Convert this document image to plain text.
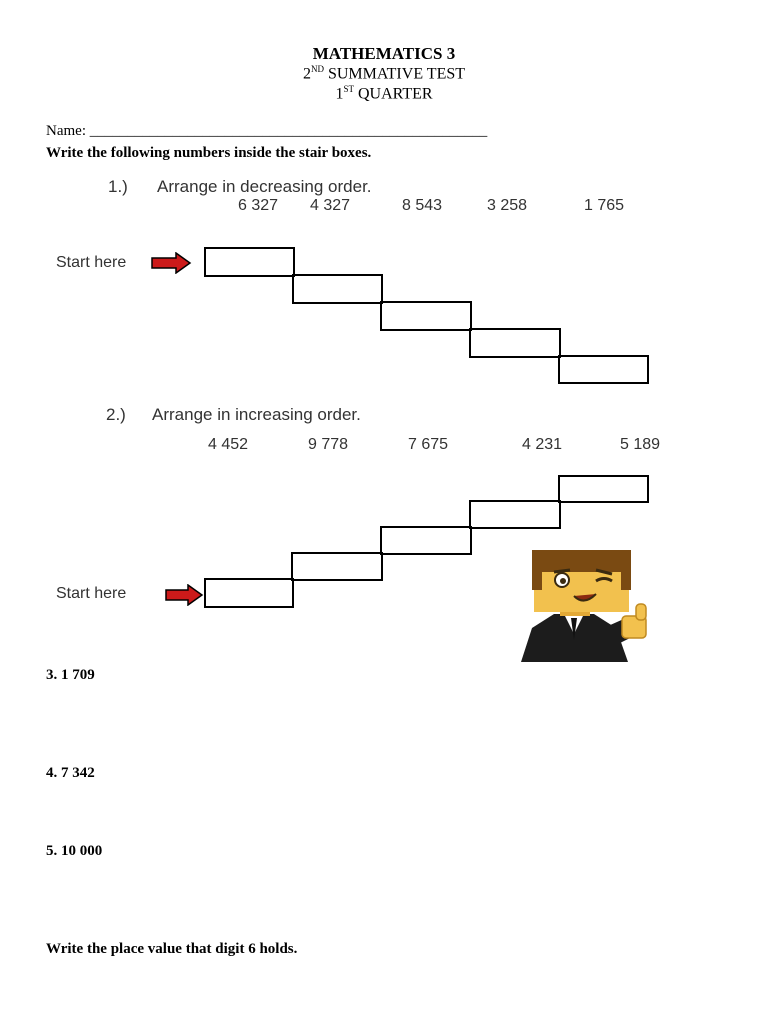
MATHEMATICS 3
2ND SUMMATIVE TEST
1ST QUARTER
Name: _____________________________________________________
Write the following numbers inside the stair boxes.
1.) Arrange in decreasing order.
6 327 4 327	8 543	3 258	1 765
Start here
2.) Arrange in increasing order.
4 452	9 778	7 675	4 231	5 189
Start here
3. 1 709
4. 7 342
5. 10 000
Write the place value that digit 6 holds.
